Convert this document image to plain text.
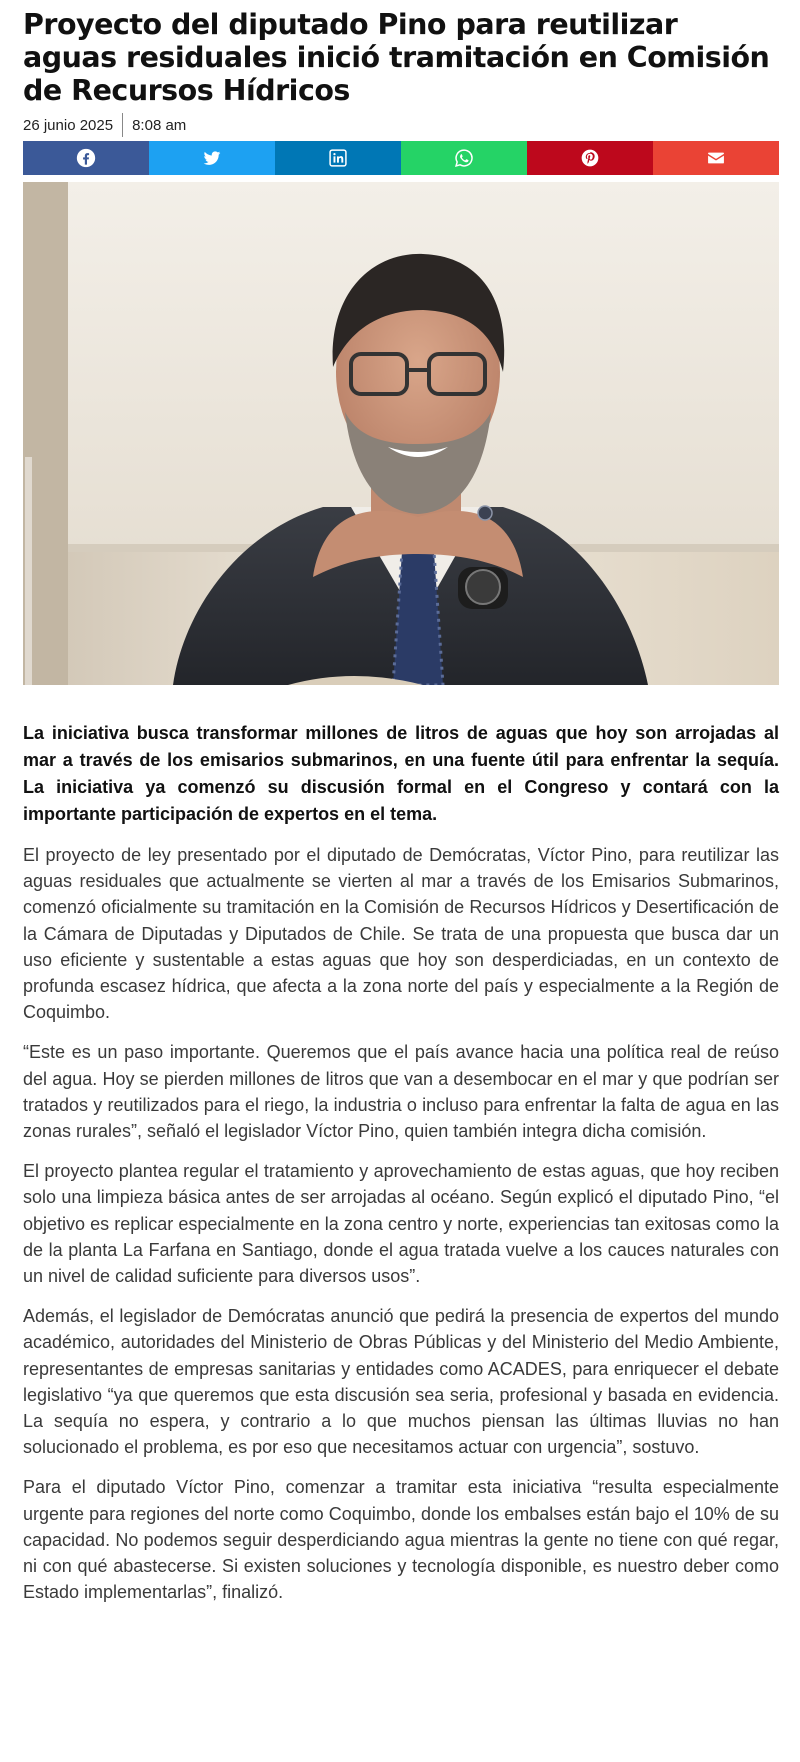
Proyecto del diputado Pino para reutilizar aguas residuales inició tramitación en Comisión de Recursos Hídricos
26 junio 2025	8:08 am

La iniciativa busca transformar millones de litros de aguas que hoy son arrojadas al mar a través de los emisarios submarinos, en una fuente útil para enfrentar la sequía. La iniciativa ya comenzó su discusión formal en el Congreso y contará con la importante participación de expertos en el tema.

El proyecto de ley presentado por el diputado de Demócratas, Víctor Pino, para reutilizar las aguas residuales que actualmente se vierten al mar a través de los Emisarios Submarinos, comenzó oficialmente su tramitación en la Comisión de Recursos Hídricos y Desertificación de la Cámara de Diputadas y Diputados de Chile. Se trata de una propuesta que busca dar un uso eficiente y sustentable a estas aguas que hoy son desperdiciadas, en un contexto de profunda escasez hídrica, que afecta a la zona norte del país y especialmente a la Región de Coquimbo.

“Este es un paso importante. Queremos que el país avance hacia una política real de reúso del agua. Hoy se pierden millones de litros que van a desembocar en el mar y que podrían ser tratados y reutilizados para el riego, la industria o incluso para enfrentar la falta de agua en las zonas rurales”, señaló el legislador Víctor Pino, quien también integra dicha comisión.

El proyecto plantea regular el tratamiento y aprovechamiento de estas aguas, que hoy reciben solo una limpieza básica antes de ser arrojadas al océano. Según explicó el diputado Pino, “el objetivo es replicar especialmente en la zona centro y norte, experiencias tan exitosas como la de la planta La Farfana en Santiago, donde el agua tratada vuelve a los cauces naturales con un nivel de calidad suficiente para diversos usos”.

Además, el legislador de Demócratas anunció que pedirá la presencia de expertos del mundo académico, autoridades del Ministerio de Obras Públicas y del Ministerio del Medio Ambiente, representantes de empresas sanitarias y entidades como ACADES, para enriquecer el debate legislativo “ya que queremos que esta discusión sea seria, profesional y basada en evidencia. La sequía no espera, y contrario a lo que muchos piensan las últimas lluvias no han solucionado el problema, es por eso que necesitamos actuar con urgencia”, sostuvo.

Para el diputado Víctor Pino, comenzar a tramitar esta iniciativa “resulta especialmente urgente para regiones del norte como Coquimbo, donde los embalses están bajo el 10% de su capacidad. No podemos seguir desperdiciando agua mientras la gente no tiene con qué regar, ni con qué abastecerse. Si existen soluciones y tecnología disponible, es nuestro deber como Estado implementarlas”, finalizó.
